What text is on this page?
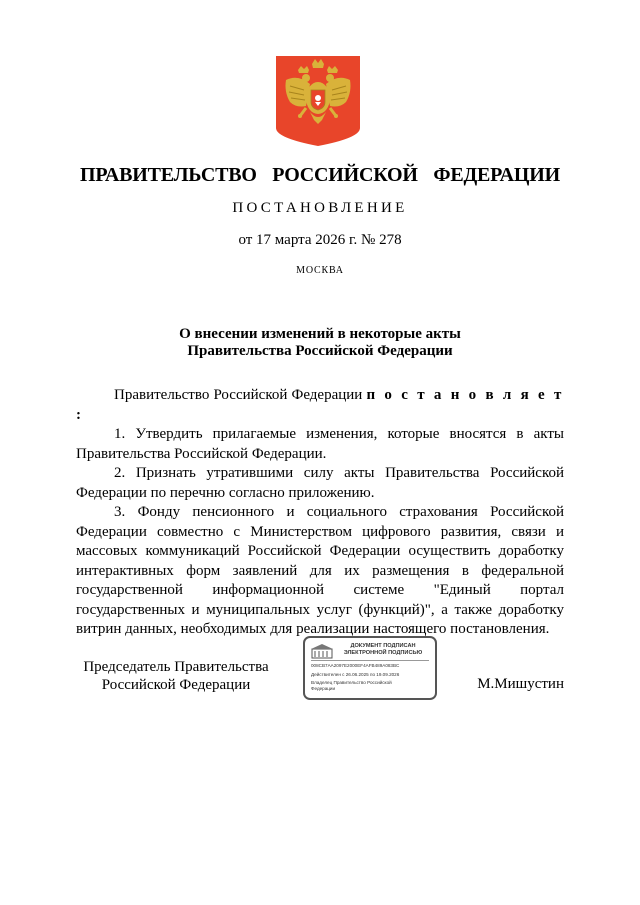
ПРАВИТЕЛЬСТВО  РОССИЙСКОЙ  ФЕДЕРАЦИИ
ПОСТАНОВЛЕНИЕ
от 17 марта 2026 г. № 278
МОСКВА
О внесении изменений в некоторые акты
Правительства Российской Федерации

Правительство Российской Федерации п о с т а н о в л я е т :

1. Утвердить прилагаемые изменения, которые вносятся в акты Правительства Российской Федерации.

2. Признать утратившими силу акты Правительства Российской Федерации по перечню согласно приложению.

3. Фонду пенсионного и социального страхования Российской Федерации совместно с Министерством цифрового развития, связи и массовых коммуникаций Российской Федерации осуществить доработку интерактивных форм заявлений для их размещения в федеральной государственной информационной системе "Единый портал государственных и муниципальных услуг (функций)", а также доработку витрин данных, необходимых для реализации настоящего постановления.

Председатель Правительства
Российской Федерации
ДОКУМЕНТ ПОДПИСАН
ЭЛЕКТРОННОЙ ПОДПИСЬЮ
008CB7AA2097E2000EF4AFB489A083BC
Действителен с 26.06.2025 по 19.09.2026
Владелец Правительство Российской
Федерации	М.Мишустин
